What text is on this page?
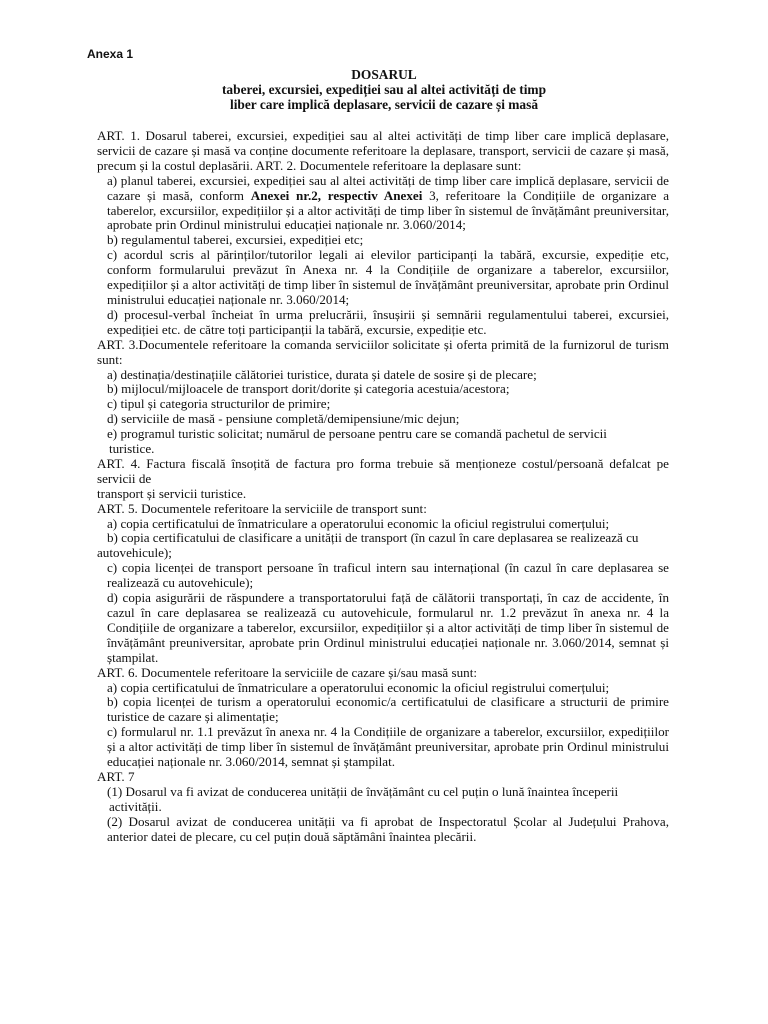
Anexa 1
DOSARUL
taberei, excursiei, expediției sau al altei activități de timp
liber care implică deplasare, servicii de cazare și masă

ART. 1. Dosarul taberei, excursiei, expediției sau al altei activități de timp liber care implică deplasare, servicii de cazare și masă va conține documente referitoare la deplasare, transport, servicii de cazare și masă, precum și la costul deplasării. ART. 2. Documentele referitoare la deplasare sunt:

a) planul taberei, excursiei, expediției sau al altei activități de timp liber care implică deplasare, servicii de cazare și masă, conform Anexei nr.2, respectiv Anexei 3, referitoare la Condițiile de organizare a taberelor, excursiilor, expedițiilor și a altor activități de timp liber în sistemul de învățământ preuniversitar, aprobate prin Ordinul ministrului educației naționale nr. 3.060/2014;

b) regulamentul taberei, excursiei, expediției etc;

c) acordul scris al părinților/tutorilor legali ai elevilor participanți la tabără, excursie, expediție etc, conform formularului prevăzut în Anexa nr. 4 la Condițiile de organizare a taberelor, excursiilor, expedițiilor și a altor activități de timp liber în sistemul de învățământ preuniversitar, aprobate prin Ordinul ministrului educației naționale nr. 3.060/2014;

d) procesul-verbal încheiat în urma prelucrării, însușirii și semnării regulamentului taberei, excursiei, expediției etc. de către toți participanții la tabără, excursie, expediție etc.

ART. 3.Documentele referitoare la comanda serviciilor solicitate și oferta primită de la furnizorul de turism sunt:

a) destinația/destinațiile călătoriei turistice, durata și datele de sosire și de plecare;

b) mijlocul/mijloacele de transport dorit/dorite și categoria acestuia/acestora;

c) tipul și categoria structurilor de primire;

d) serviciile de masă - pensiune completă/demipensiune/mic dejun;

e) programul turistic solicitat; numărul de persoane pentru care se comandă pachetul de servicii

turistice.

ART. 4. Factura fiscală însoțită de factura pro forma trebuie să menționeze costul/persoană defalcat pe servicii de

transport și servicii turistice.

ART. 5. Documentele referitoare la serviciile de transport sunt:

a) copia certificatului de înmatriculare a operatorului economic la oficiul registrului comerțului;

b) copia certificatului de clasificare a unității de transport (în cazul în care deplasarea se realizează cu

autovehicule);

c) copia licenței de transport persoane în traficul intern sau internațional (în cazul în care deplasarea se realizează cu autovehicule);

d) copia asigurării de răspundere a transportatorului față de călătorii transportați, în caz de accidente, în cazul în care deplasarea se realizează cu autovehicule, formularul nr. 1.2 prevăzut în anexa nr. 4 la Condițiile de organizare a taberelor, excursiilor, expedițiilor și a altor activități de timp liber în sistemul de învățământ preuniversitar, aprobate prin Ordinul ministrului educației naționale nr. 3.060/2014, semnat și ștampilat.

ART. 6. Documentele referitoare la serviciile de cazare și/sau masă sunt:

a) copia certificatului de înmatriculare a operatorului economic la oficiul registrului comerțului;

b) copia licenței de turism a operatorului economic/a certificatului de clasificare a structurii de primire turistice de cazare și alimentație;

c) formularul nr. 1.1 prevăzut în anexa nr. 4 la Condițiile de organizare a taberelor, excursiilor, expedițiilor și a altor activități de timp liber în sistemul de învățământ preuniversitar, aprobate prin Ordinul ministrului educației naționale nr. 3.060/2014, semnat și ștampilat.

ART. 7

(1) Dosarul va fi avizat de conducerea unității de învățământ cu cel puțin o lună înaintea începerii

activității.

(2) Dosarul avizat de conducerea unității va fi aprobat de Inspectoratul Școlar al Județului Prahova, anterior datei de plecare, cu cel puțin două săptămâni înaintea plecării.
